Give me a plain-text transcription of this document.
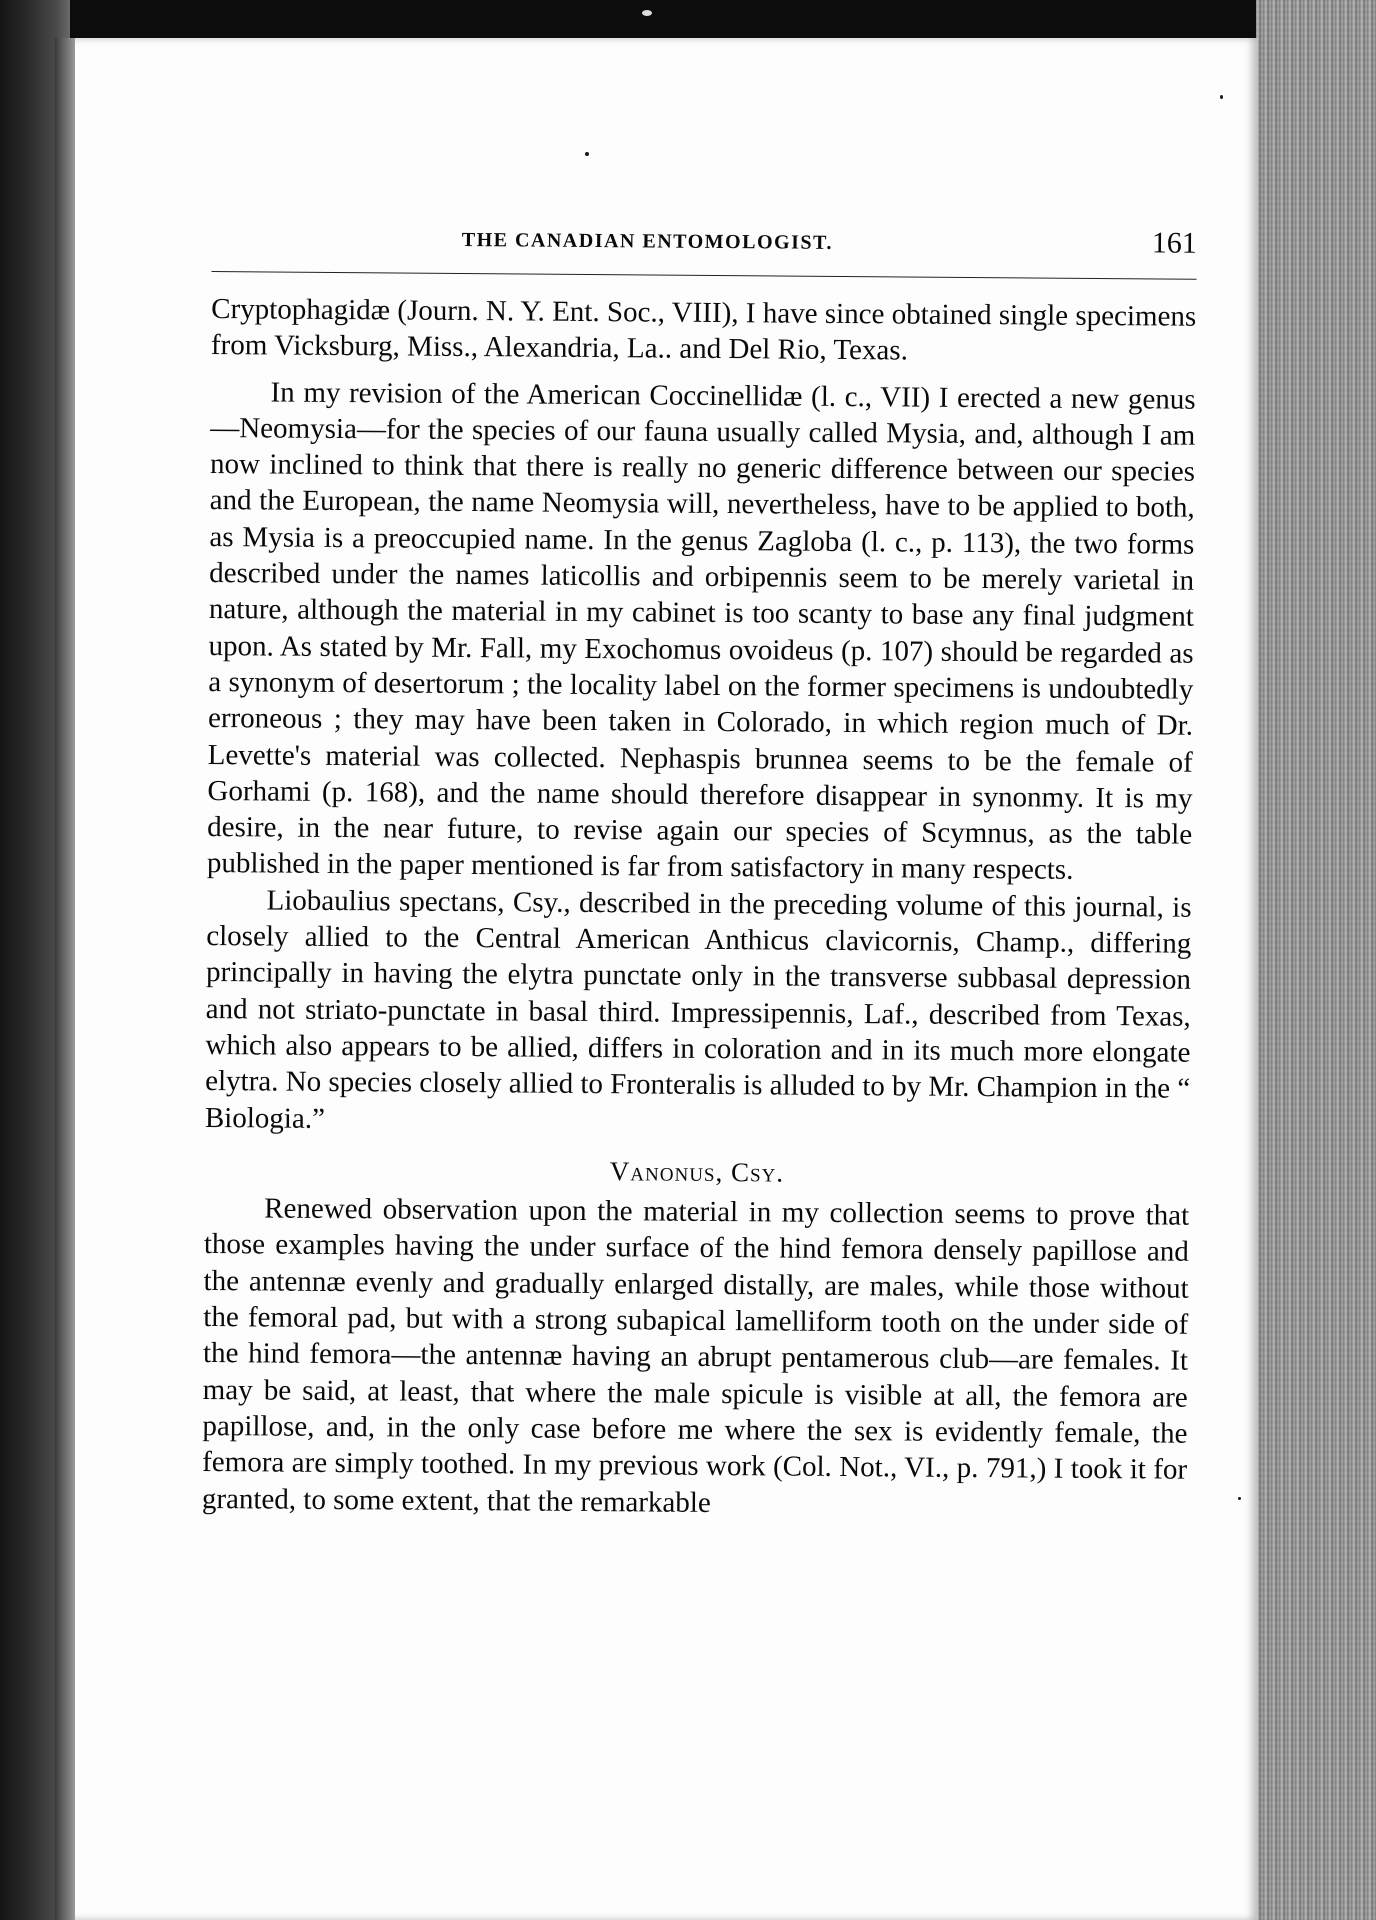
THE CANADIAN ENTOMOLOGIST.	161

Cryptophagidæ (Journ. N. Y. Ent. Soc., VIII), I have since obtained single specimens from Vicksburg, Miss., Alexandria, La.. and Del Rio, Texas.

In my revision of the American Coccinellidæ (l. c., VII) I erected a new genus—Neomysia—for the species of our fauna usually called Mysia, and, although I am now inclined to think that there is really no generic difference between our species and the European, the name Neomysia will, nevertheless, have to be applied to both, as Mysia is a preoccupied name. In the genus Zagloba (l. c., p. 113), the two forms described under the names laticollis and orbipennis seem to be merely varietal in nature, although the material in my cabinet is too scanty to base any final judgment upon. As stated by Mr. Fall, my Exochomus ovoideus (p. 107) should be regarded as a synonym of desertorum ; the locality label on the former specimens is undoubtedly erroneous ; they may have been taken in Colorado, in which region much of Dr. Levette's material was collected. Nephaspis brunnea seems to be the female of Gorhami (p. 168), and the name should therefore disappear in synonmy. It is my desire, in the near future, to revise again our species of Scymnus, as the table published in the paper mentioned is far from satisfactory in many respects.

Liobaulius spectans, Csy., described in the preceding volume of this journal, is closely allied to the Central American Anthicus clavicornis, Champ., differing principally in having the elytra punctate only in the transverse subbasal depression and not striato-punctate in basal third. Impressipennis, Laf., described from Texas, which also appears to be allied, differs in coloration and in its much more elongate elytra. No species closely allied to Fronteralis is alluded to by Mr. Champion in the “ Biologia.”

Vanonus, Csy.

Renewed observation upon the material in my collection seems to prove that those examples having the under surface of the hind femora densely papillose and the antennæ evenly and gradually enlarged distally, are males, while those without the femoral pad, but with a strong subapical lamelliform tooth on the under side of the hind femora—the antennæ having an abrupt pentamerous club—are females. It may be said, at least, that where the male spicule is visible at all, the femora are papillose, and, in the only case before me where the sex is evidently female, the femora are simply toothed. In my previous work (Col. Not., VI., p. 791,) I took it for granted, to some extent, that the remarkable
